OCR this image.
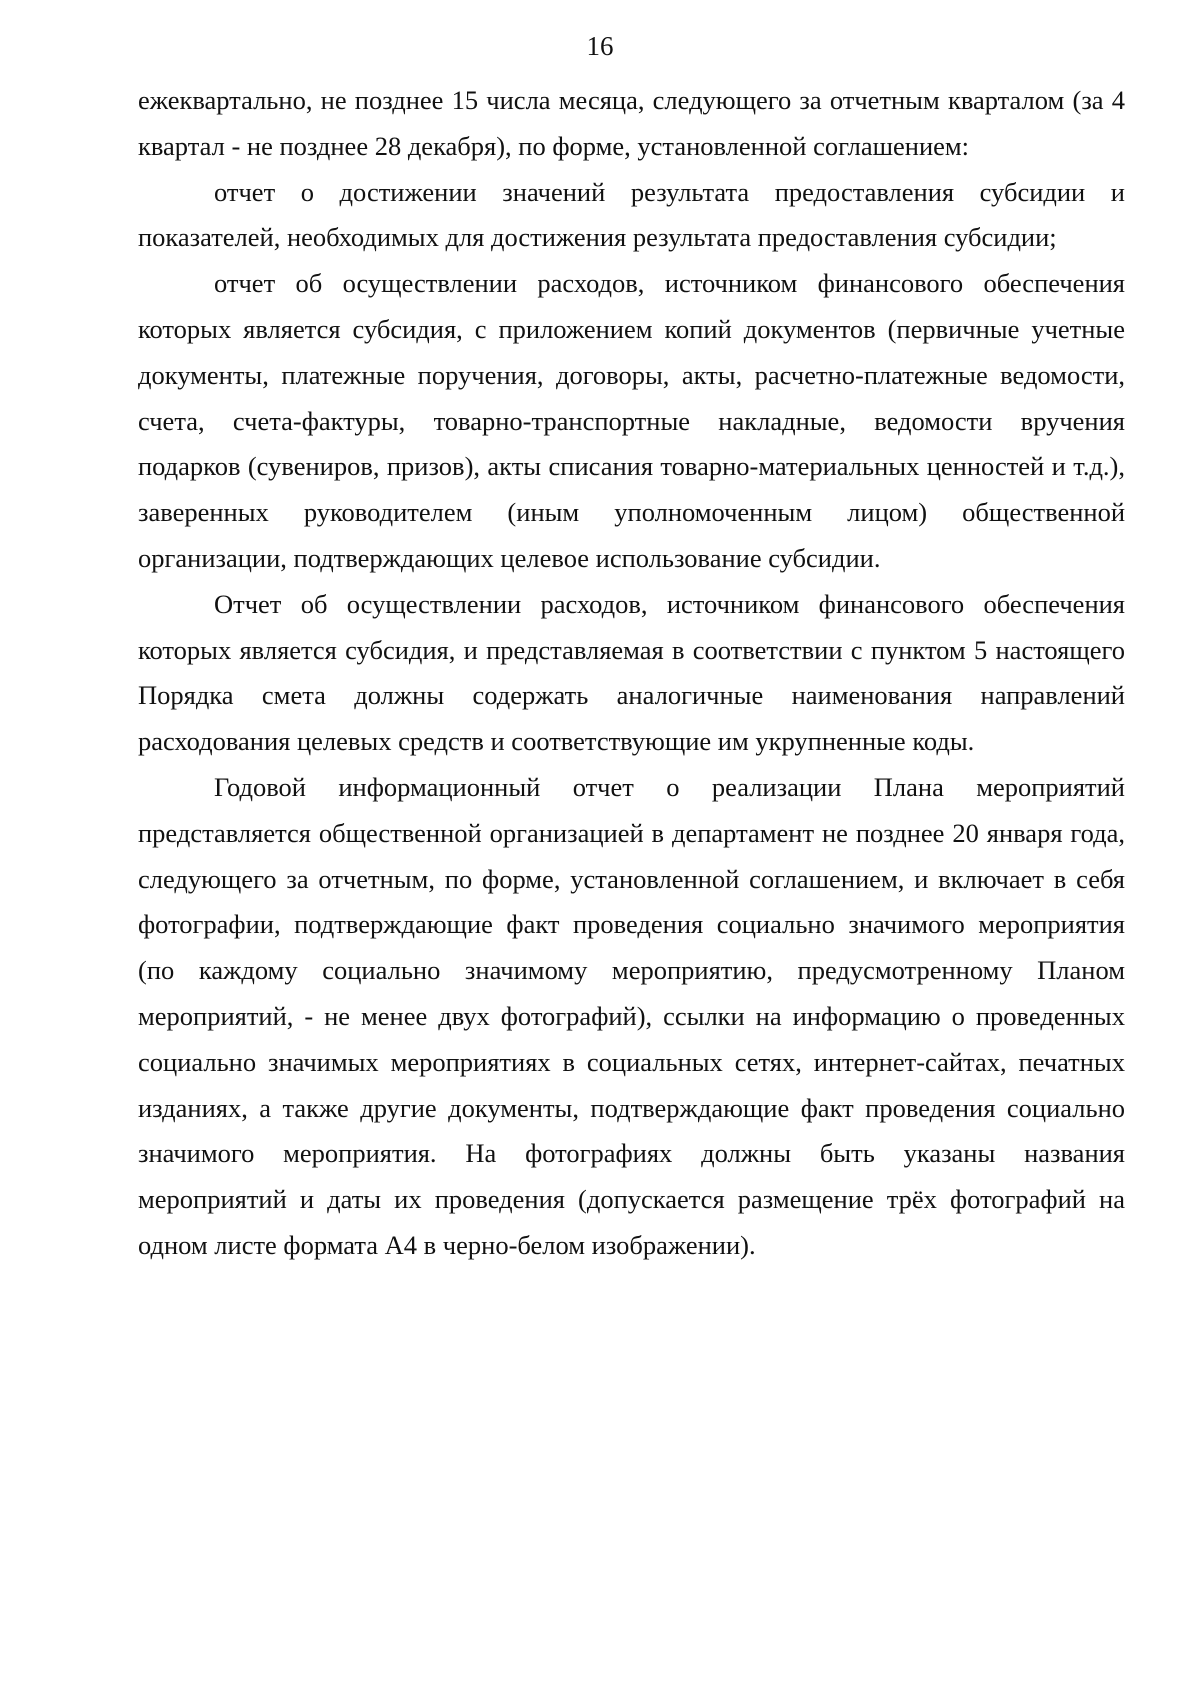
16

ежеквартально, не позднее 15 числа месяца, следующего за отчетным кварталом (за 4 квартал - не позднее 28 декабря), по форме, установленной соглашением:

отчет о достижении значений результата предоставления субсидии и показателей, необходимых для достижения результата предоставления субсидии;

отчет об осуществлении расходов, источником финансового обеспечения которых является субсидия, с приложением копий документов (первичные учетные документы, платежные поручения, договоры, акты, расчетно-платежные ведомости, счета, счета-фактуры, товарно-транспортные накладные, ведомости вручения подарков (сувениров, призов), акты списания товарно-материальных ценностей и т.д.), заверенных руководителем (иным уполномоченным лицом) общественной организации, подтверждающих целевое использование субсидии.

Отчет об осуществлении расходов, источником финансового обеспечения которых является субсидия, и представляемая в соответствии с пунктом 5 настоящего Порядка смета должны содержать аналогичные наименования направлений расходования целевых средств и соответствующие им укрупненные коды.

Годовой информационный отчет о реализации Плана мероприятий представляется общественной организацией в департамент не позднее 20 января года, следующего за отчетным, по форме, установленной соглашением, и включает в себя фотографии, подтверждающие факт проведения социально значимого мероприятия (по каждому социально значимому мероприятию, предусмотренному Планом мероприятий, - не менее двух фотографий), ссылки на информацию о проведенных социально значимых мероприятиях в социальных сетях, интернет-сайтах, печатных изданиях, а также другие документы, подтверждающие факт проведения социально значимого мероприятия. На фотографиях должны быть указаны названия мероприятий и даты их проведения (допускается размещение трёх фотографий на одном листе формата А4 в черно-белом изображении).
